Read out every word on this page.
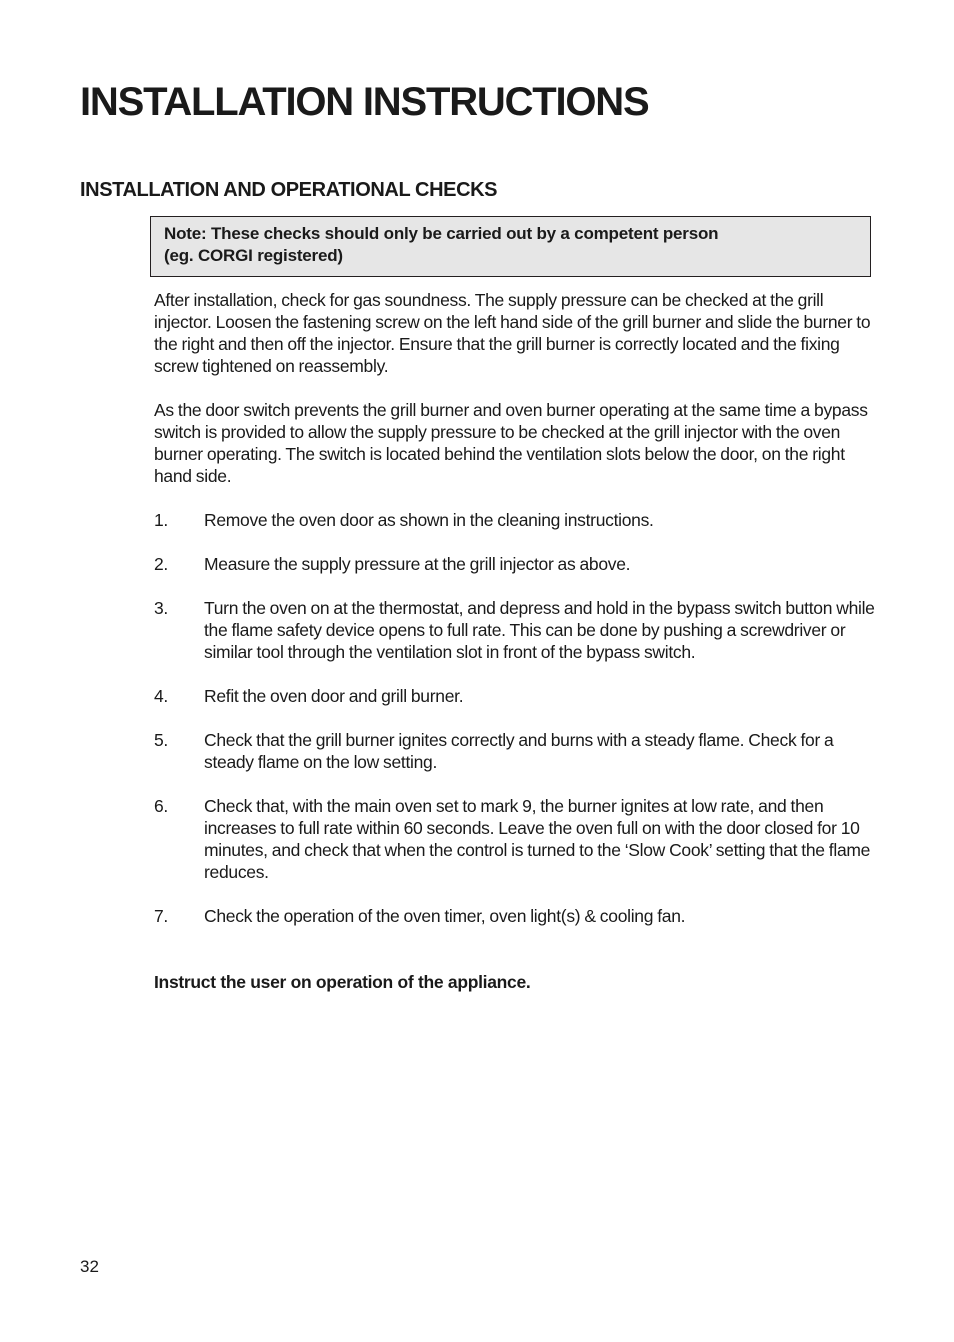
INSTALLATION INSTRUCTIONS
INSTALLATION AND OPERATIONAL CHECKS
Note: These checks should only be carried out by a competent person
(eg. CORGI registered)

After installation, check for gas soundness. The supply pressure can be checked at the grill injector. Loosen the fastening screw on the left hand side of the grill burner and slide the burner to the right and then off the injector. Ensure that the grill burner is correctly located and the fixing screw tightened on reassembly.

As the door switch prevents the grill burner and oven burner operating at the same time a bypass switch is provided to allow the supply pressure to be checked at the grill injector with the oven burner operating. The switch is located behind the ventilation slots below the door, on the right hand side.

1.	Remove the oven door as shown in the cleaning instructions.
2.	Measure the supply pressure at the grill injector as above.
3.	Turn the oven on at the thermostat, and depress and hold in the bypass switch button while the flame safety device opens to full rate. This can be done by pushing a screwdriver or similar tool through the ventilation slot in front of the bypass switch.
4.	Refit the oven door and grill burner.
5.	Check that the grill burner ignites correctly and burns with a steady flame. Check for a steady flame on the low setting.
6.	Check that, with the main oven set to mark 9, the burner ignites at low rate, and then increases to full rate within 60 seconds. Leave the oven full on with the door closed for 10 minutes, and check that when the control is turned to the ‘Slow Cook’ setting that the flame reduces.
7.	Check the operation of the oven timer, oven light(s) & cooling fan.

Instruct the user on operation of the appliance.

32
